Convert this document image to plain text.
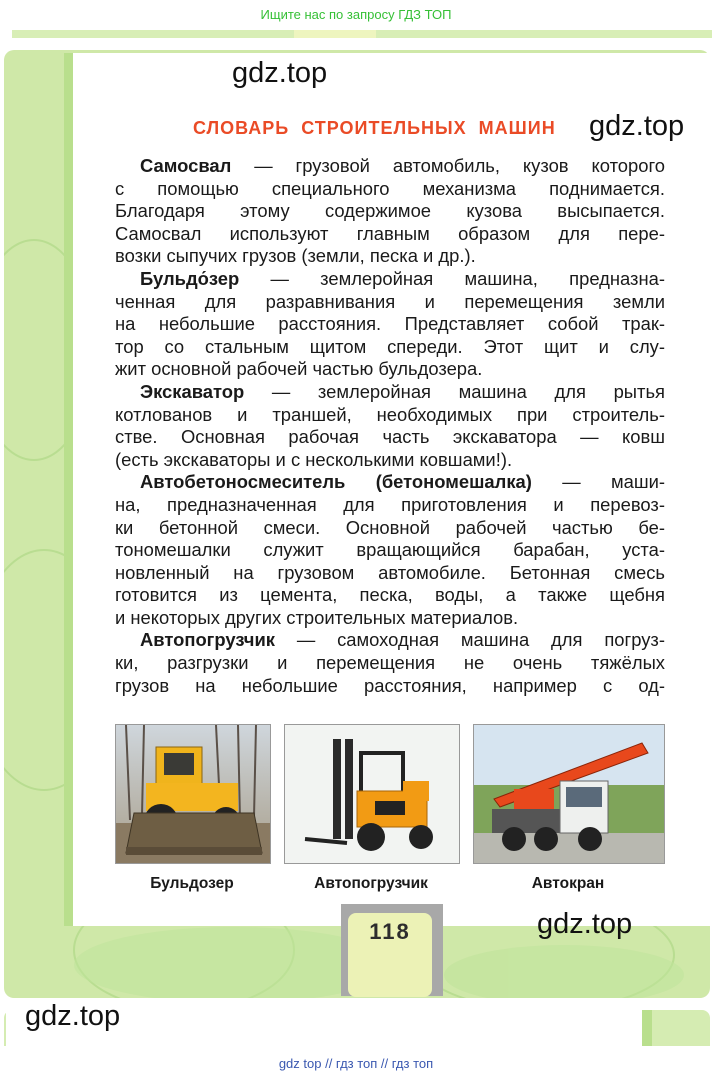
Ищите нас по запросу ГДЗ ТОП
gdz.top
gdz.top
gdz.top
gdz.top
СЛОВАРЬ СТРОИТЕЛЬНЫХ МАШИН
Самосвал — грузовой автомобиль, кузов которого
с помощью специального механизма поднимается.
Благодаря этому содержимое кузова высыпается.
Самосвал используют главным образом для пере-
возки сыпучих грузов (земли, песка и др.).
Бульдо́зер — землеройная машина, предназна-
ченная для разравнивания и перемещения земли
на небольшие расстояния. Представляет собой трак-
тор со стальным щитом спереди. Этот щит и слу-
жит основной рабочей частью бульдозера.
Экскаватор — землеройная машина для рытья
котлованов и траншей, необходимых при строитель-
стве. Основная рабочая часть экскаватора — ковш
(есть экскаваторы и с несколькими ковшами!).
Автобетоносмеситель (бетономешалка) — маши-
на, предназначенная для приготовления и перевоз-
ки бетонной смеси. Основной рабочей частью бе-
тономешалки служит вращающийся барабан, уста-
новленный на грузовом автомобиле. Бетонная смесь
готовится из цемента, песка, воды, а также щебня
и некоторых других строительных материалов.
Автопогрузчик — самоходная машина для погруз-
ки, разгрузки и перемещения не очень тяжёлых
грузов на небольшие расстояния, например с од-
Бульдозер	Автопогрузчик	Автокран
118
gdz top // гдз топ // гдз топ
